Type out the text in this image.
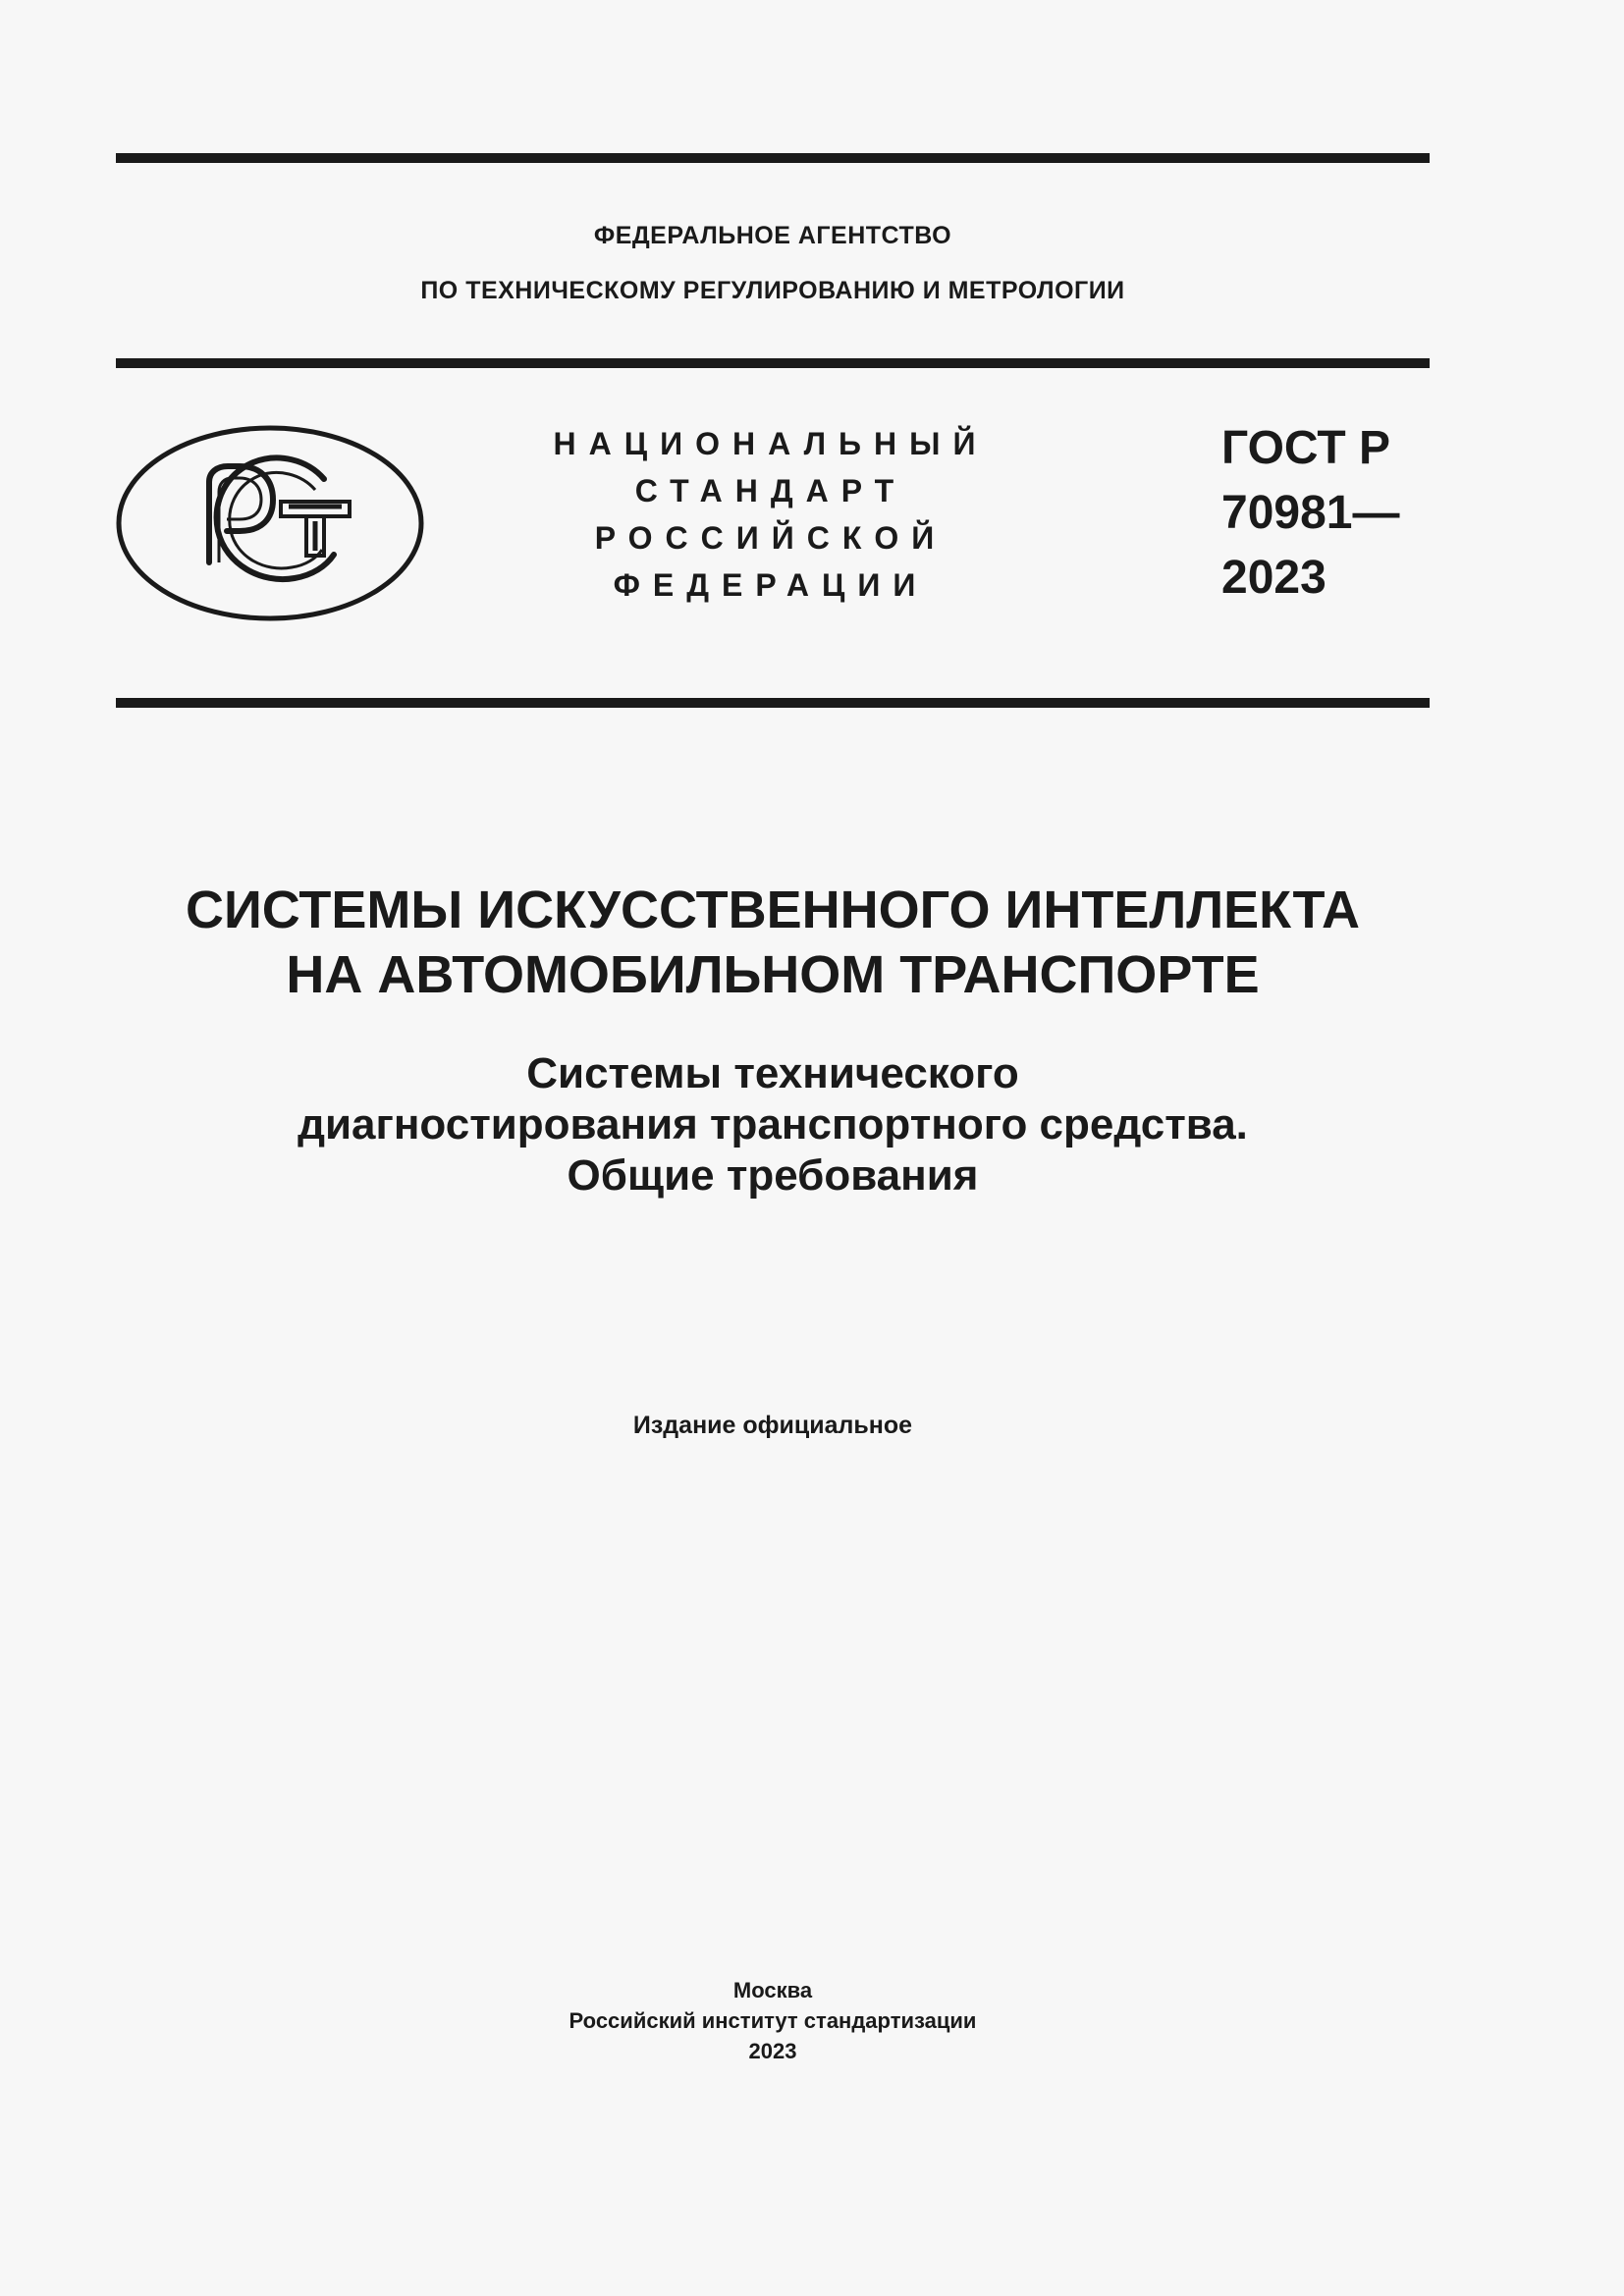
ФЕДЕРАЛЬНОЕ АГЕНТСТВО
ПО ТЕХНИЧЕСКОМУ РЕГУЛИРОВАНИЮ И МЕТРОЛОГИИ
НАЦИОНАЛЬНЫЙ
СТАНДАРТ
РОССИЙСКОЙ
ФЕДЕРАЦИИ
ГОСТ Р
70981—
2023
СИСТЕМЫ ИСКУССТВЕННОГО ИНТЕЛЛЕКТА
НА АВТОМОБИЛЬНОМ ТРАНСПОРТЕ
Системы технического
диагностирования транспортного средства.
Общие требования
Издание официальное
Москва
Российский институт стандартизации
2023
